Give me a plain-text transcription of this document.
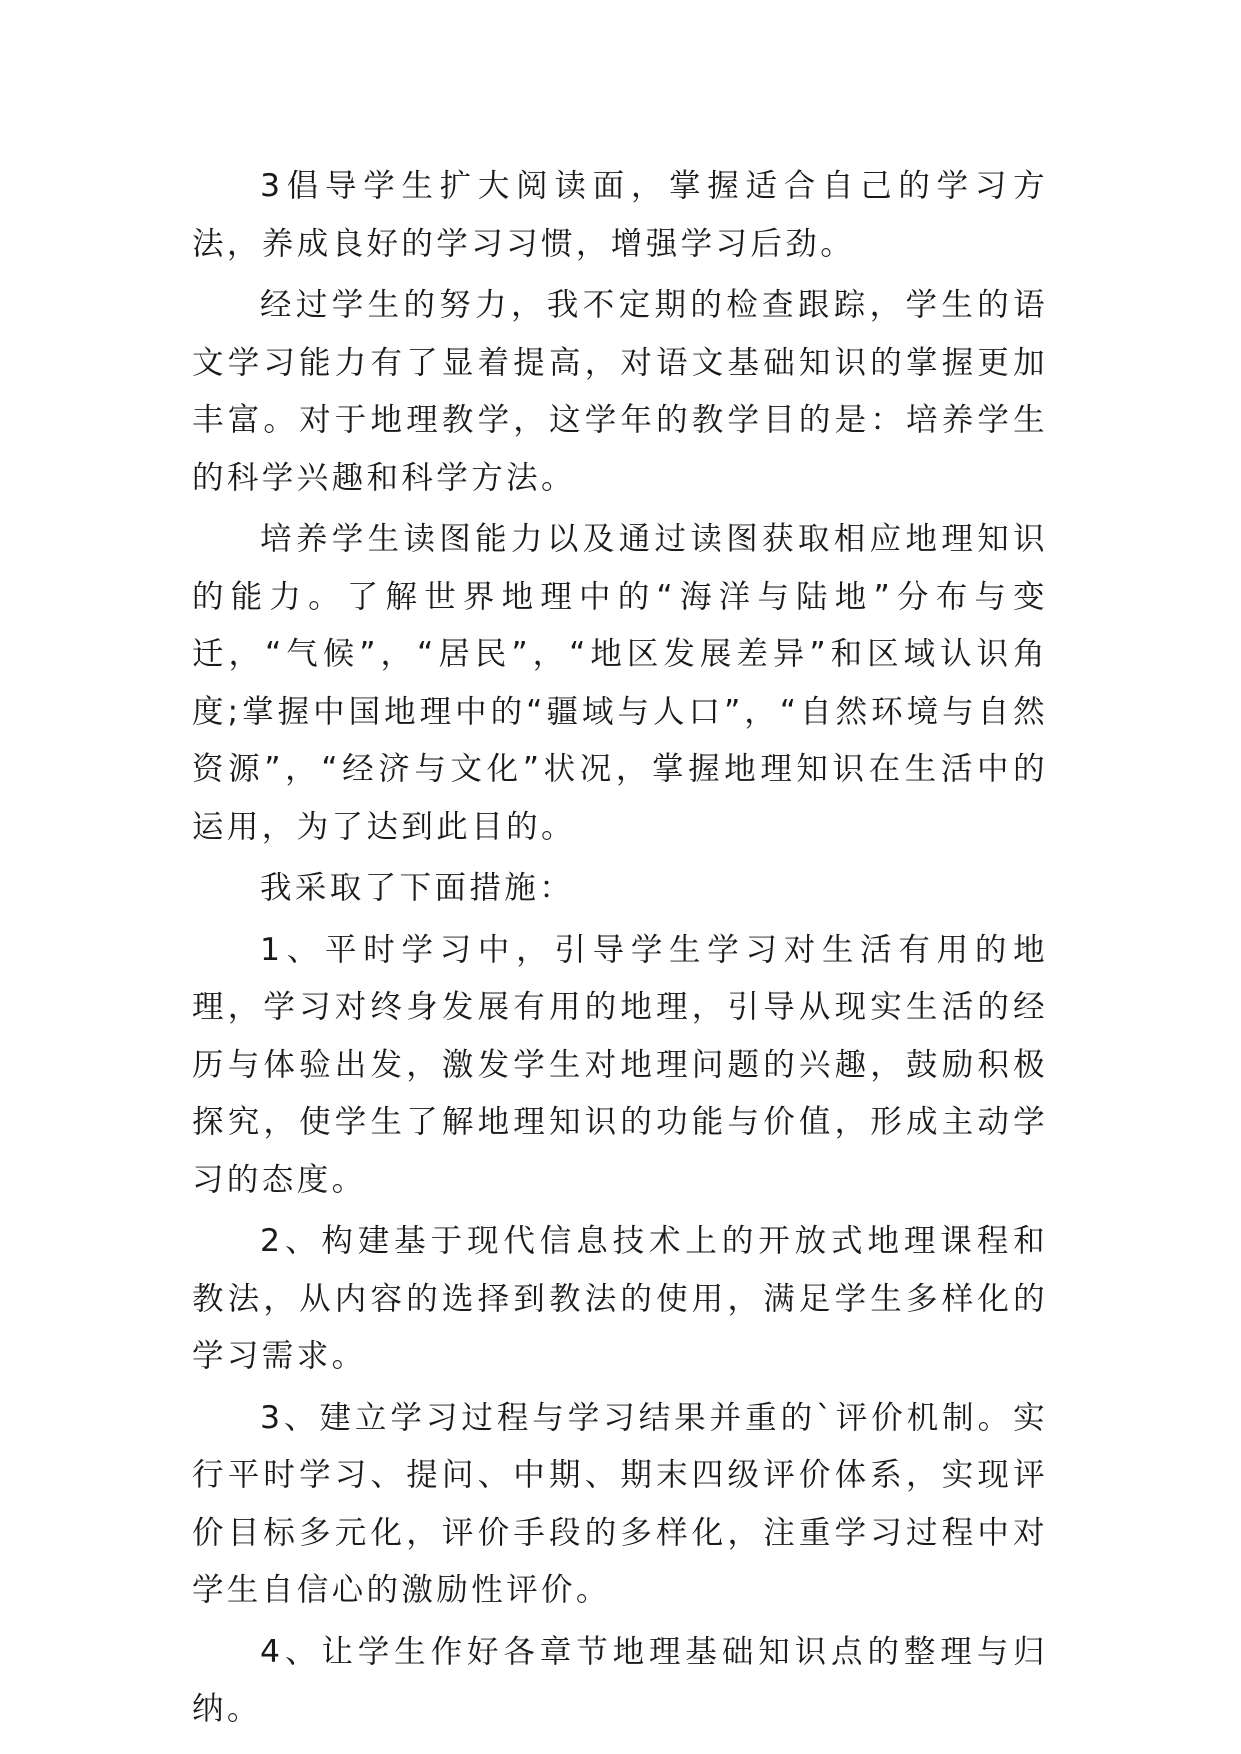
3倡导学生扩大阅读面，掌握适合自己的学习方法，养成良好的学习习惯，增强学习后劲。

经过学生的努力，我不定期的检查跟踪，学生的语文学习能力有了显着提高，对语文基础知识的掌握更加丰富。对于地理教学，这学年的教学目的是：培养学生的科学兴趣和科学方法。

培养学生读图能力以及通过读图获取相应地理知识的能力。了解世界地理中的“海洋与陆地”分布与变迁，“气候”，“居民”，“地区发展差异”和区域认识角度;掌握中国地理中的“疆域与人口”，“自然环境与自然资源”，“经济与文化”状况，掌握地理知识在生活中的运用，为了达到此目的。

我采取了下面措施：

1、平时学习中，引导学生学习对生活有用的地理，学习对终身发展有用的地理，引导从现实生活的经历与体验出发，激发学生对地理问题的兴趣，鼓励积极探究，使学生了解地理知识的功能与价值，形成主动学习的态度。

2、构建基于现代信息技术上的开放式地理课程和教法，从内容的选择到教法的使用，满足学生多样化的学习需求。

3、建立学习过程与学习结果并重的`评价机制。实行平时学习、提问、中期、期末四级评价体系，实现评价目标多元化，评价手段的多样化，注重学习过程中对学生自信心的激励性评价。

4、让学生作好各章节地理基础知识点的整理与归纳。
